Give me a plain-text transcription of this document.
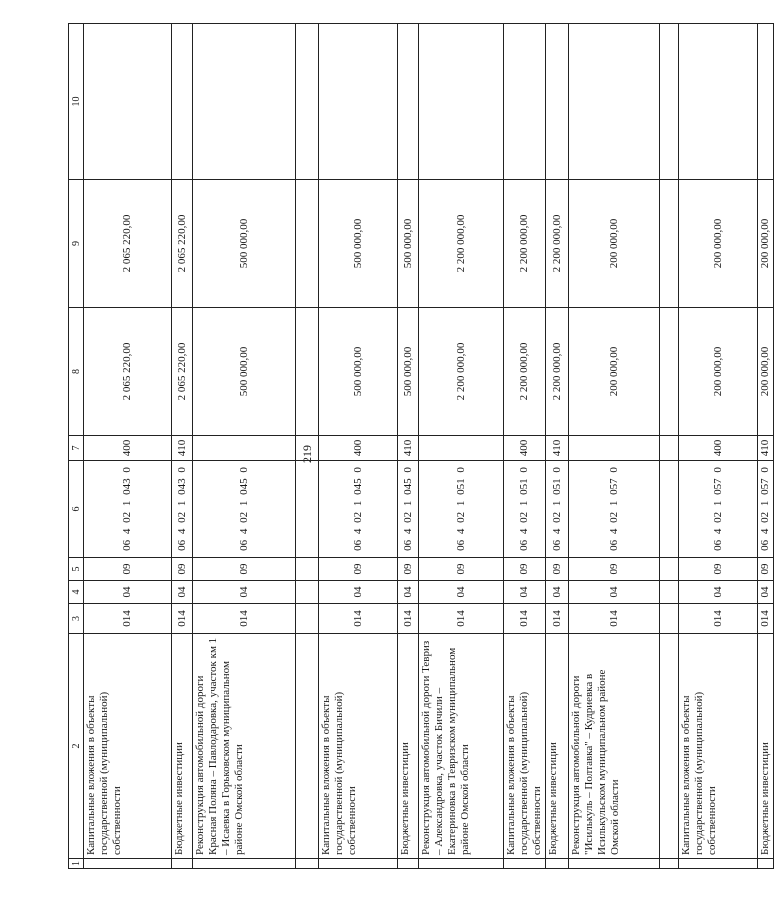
219
1	2	3	4	5	6	7	8	9	10
	Капитальные вложения в объекты государственной (муниципальной) собственности	014	04	09	06 4 02 1 043 0	400	2 065 220,00	2 065 220,00	
	Бюджетные инвестиции	014	04	09	06 4 02 1 043 0	410	2 065 220,00	2 065 220,00	
	Реконструкция автомобильной дороги Красная Поляна – Павлодаровка, участок км 1 – Исаевка в Горьковском муниципальном районе Омской области	014	04	09	06 4 02 1 045 0		500 000,00	500 000,00	

	Капитальные вложения в объекты государственной (муниципальной) собственности	014	04	09	06 4 02 1 045 0	400	500 000,00	500 000,00	
	Бюджетные инвестиции	014	04	09	06 4 02 1 045 0	410	500 000,00	500 000,00	
	Реконструкция автомобильной дороги Тевриз – Александровка, участок Бичили – Екатериновка в Тевризском муниципальном районе Омской области	014	04	09	06 4 02 1 051 0		2 200 000,00	2 200 000,00	
	Капитальные вложения в объекты государственной (муниципальной) собственности	014	04	09	06 4 02 1 051 0	400	2 200 000,00	2 200 000,00	
	Бюджетные инвестиции	014	04	09	06 4 02 1 051 0	410	2 200 000,00	2 200 000,00	
	Реконструкция автомобильной дороги "Исилькуль – Полтавка" – Кудриевка в Исилькульском муниципальном районе Омской области	014	04	09	06 4 02 1 057 0		200 000,00	200 000,00	

	Капитальные вложения в объекты государственной (муниципальной) собственности	014	04	09	06 4 02 1 057 0	400	200 000,00	200 000,00	
	Бюджетные инвестиции	014	04	09	06 4 02 1 057 0	410	200 000,00	200 000,00	
